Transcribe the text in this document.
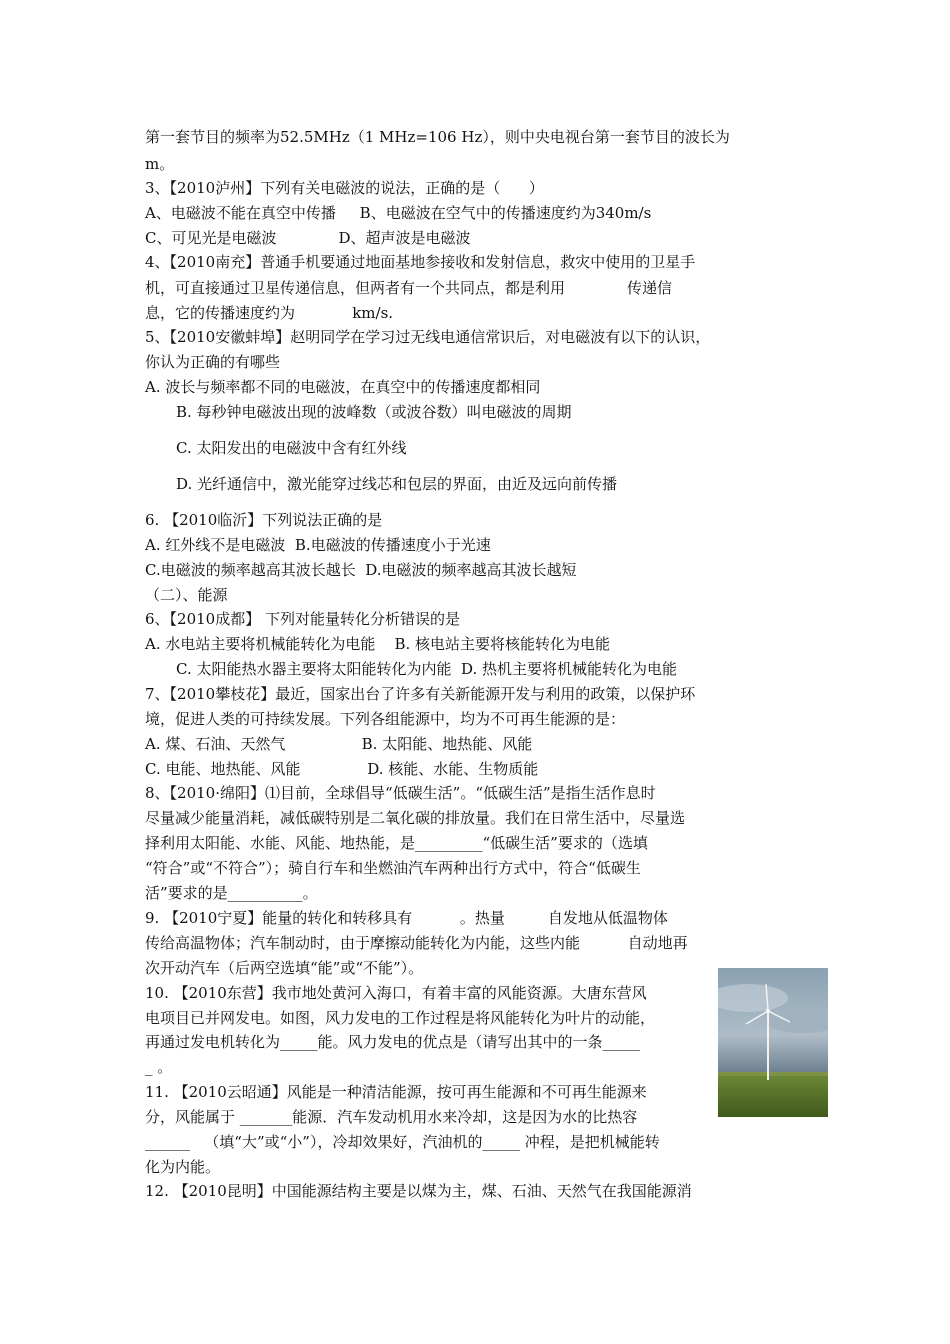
第一套节目的频率为52.5MHz（1 MHz=106 Hz），则中央电视台第一套节目的波长为
m。
3、【2010泸州】下列有关电磁波的说法，正确的是（      ）
A、电磁波不能在真空中传播     B、电磁波在空气中的传播速度约为340m/s
C、可见光是电磁波             D、超声波是电磁波
4、【2010南充】普通手机要通过地面基地参接收和发射信息，救灾中使用的卫星手
机，可直接通过卫星传递信息，但两者有一个共同点，都是利用             传递信
息，它的传播速度约为            km/s.
5、【2010安徽蚌埠】赵明同学在学习过无线电通信常识后，对电磁波有以下的认识，
你认为正确的有哪些
A. 波长与频率都不同的电磁波，在真空中的传播速度都相同
B. 每秒钟电磁波出现的波峰数（或波谷数）叫电磁波的周期
C. 太阳发出的电磁波中含有红外线
D. 光纤通信中，激光能穿过线芯和包层的界面，由近及远向前传播
6. 【2010临沂】下列说法正确的是
A. 红外线不是电磁波  B.电磁波的传播速度小于光速
C.电磁波的频率越高其波长越长  D.电磁波的频率越高其波长越短
（二）、能源
6、【2010成都】 下列对能量转化分析错误的是
A. 水电站主要将机械能转化为电能    B. 核电站主要将核能转化为电能
C. 太阳能热水器主要将太阳能转化为内能  D. 热机主要将机械能转化为电能
7、【2010攀枝花】最近，国家出台了许多有关新能源开发与利用的政策，以保护环
境，促进人类的可持续发展。下列各组能源中，均为不可再生能源的是：
A. 煤、石油、天然气                B. 太阳能、地热能、风能
C. 电能、地热能、风能              D. 核能、水能、生物质能
8、【2010·绵阳】⑴目前，全球倡导“低碳生活”。“低碳生活”是指生活作息时
尽量减少能量消耗，减低碳特别是二氧化碳的排放量。我们在日常生活中，尽量选
择利用太阳能、水能、风能、地热能，是_________“低碳生活”要求的（选填
“符合”或“不符合”）；骑自行车和坐燃油汽车两种出行方式中，符合“低碳生
活”要求的是__________。
9. 【2010宁夏】能量的转化和转移具有          。热量         自发地从低温物体
传给高温物体；汽车制动时，由于摩擦动能转化为内能，这些内能          自动地再
次开动汽车（后两空选填“能”或“不能”）。
10. 【2010东营】我市地处黄河入海口，有着丰富的风能资源。大唐东营风
电项目已并网发电。如图，风力发电的工作过程是将风能转化为叶片的动能，
再通过发电机转化为_____能。风力发电的优点是（请写出其中的一条_____
_ 。
11. 【2010云昭通】风能是一种清洁能源，按可再生能源和不可再生能源来
分，风能属于 _______能源．汽车发动机用水来冷却，这是因为水的比热容
______   （填“大”或“小”），冷却效果好，汽油机的_____ 冲程，是把机械能转
化为内能。
12. 【2010昆明】中国能源结构主要是以煤为主，煤、石油、天然气在我国能源消
